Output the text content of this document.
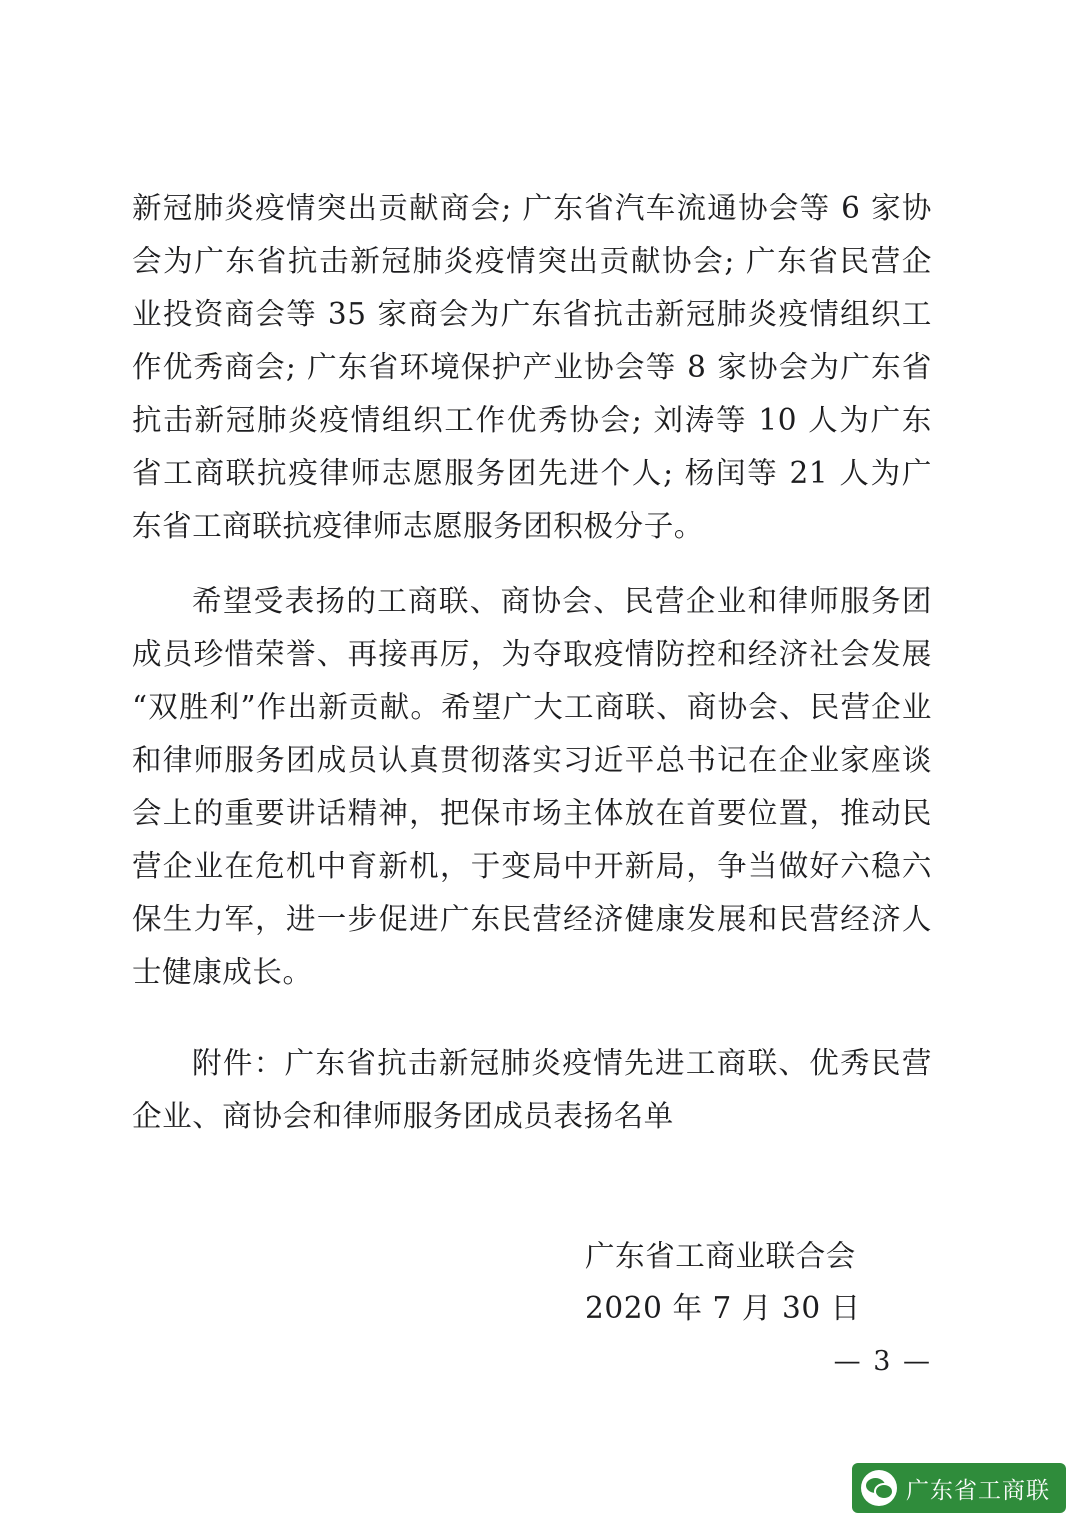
新冠肺炎疫情突出贡献商会; 广东省汽车流通协会等 6 家协会为广东省抗击新冠肺炎疫情突出贡献协会; 广东省民营企业投资商会等 35 家商会为广东省抗击新冠肺炎疫情组织工作优秀商会; 广东省环境保护产业协会等 8 家协会为广东省抗击新冠肺炎疫情组织工作优秀协会; 刘涛等 10 人为广东省工商联抗疫律师志愿服务团先进个人; 杨闰等 21 人为广东省工商联抗疫律师志愿服务团积极分子。

希望受表扬的工商联、商协会、民营企业和律师服务团成员珍惜荣誉、再接再厉，为夺取疫情防控和经济社会发展“双胜利”作出新贡献。希望广大工商联、商协会、民营企业和律师服务团成员认真贯彻落实习近平总书记在企业家座谈会上的重要讲话精神，把保市场主体放在首要位置，推动民营企业在危机中育新机，于变局中开新局，争当做好六稳六保生力军，进一步促进广东民营经济健康发展和民营经济人士健康成长。

附件：广东省抗击新冠肺炎疫情先进工商联、优秀民营企业、商协会和律师服务团成员表扬名单

广东省工商业联合会
2020 年 7 月 30 日
— 3 —
广东省工商联
